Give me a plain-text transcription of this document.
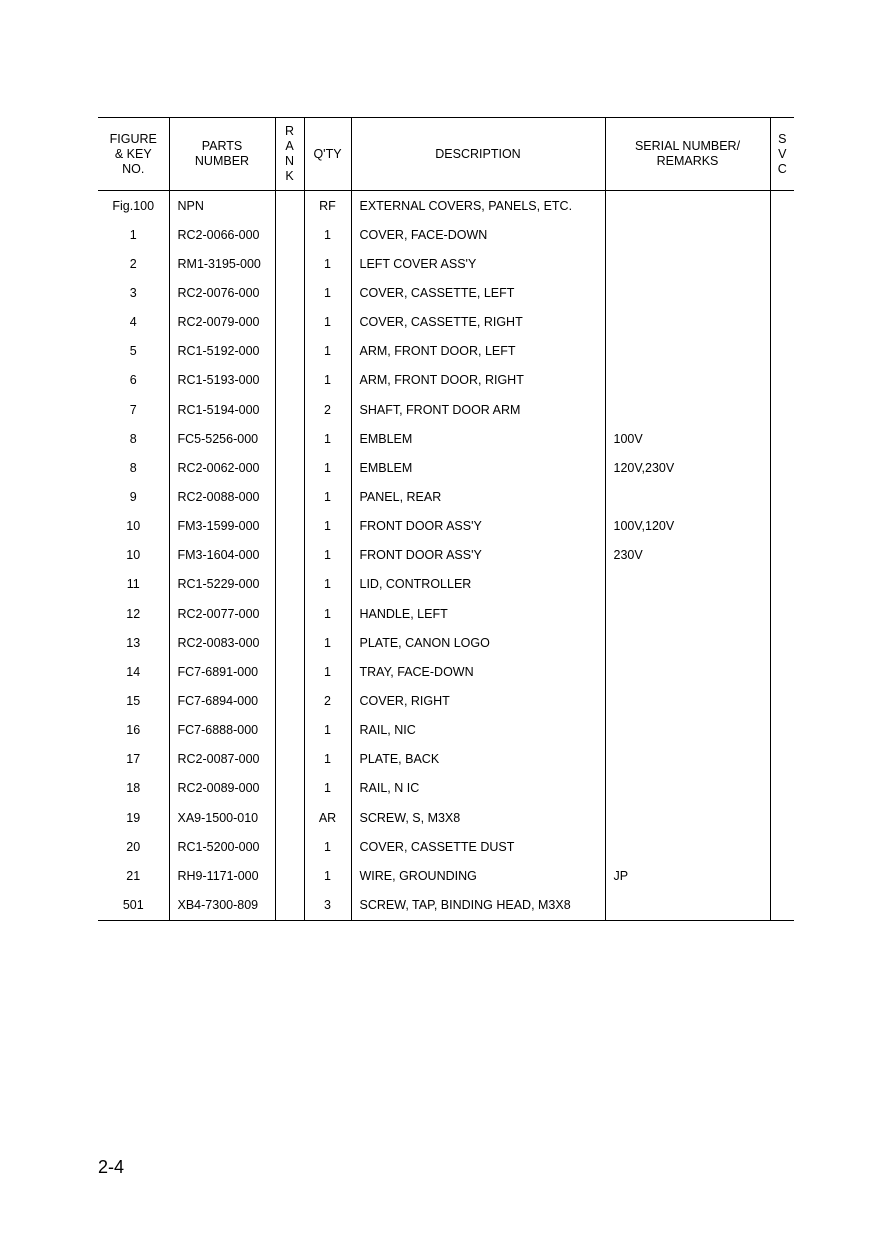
FIGURE
& KEY
NO.	PARTS
NUMBER	R
A
N
K	Q'TY	DESCRIPTION	SERIAL NUMBER/
REMARKS	S
V
C

Fig.100	NPN		RF	EXTERNAL COVERS, PANELS, ETC.		
1	RC2-0066-000		1	COVER, FACE-DOWN		
2	RM1-3195-000		1	LEFT COVER ASS'Y		
3	RC2-0076-000		1	COVER, CASSETTE, LEFT		
4	RC2-0079-000		1	COVER, CASSETTE, RIGHT		
5	RC1-5192-000		1	ARM, FRONT DOOR, LEFT		
6	RC1-5193-000		1	ARM, FRONT DOOR, RIGHT		
7	RC1-5194-000		2	SHAFT, FRONT DOOR ARM		
8	FC5-5256-000		1	EMBLEM	100V	
8	RC2-0062-000		1	EMBLEM	120V,230V	
9	RC2-0088-000		1	PANEL, REAR		
10	FM3-1599-000		1	FRONT DOOR ASS'Y	100V,120V	
10	FM3-1604-000		1	FRONT DOOR ASS'Y	230V	
11	RC1-5229-000		1	LID, CONTROLLER		
12	RC2-0077-000		1	HANDLE, LEFT		
13	RC2-0083-000		1	PLATE, CANON LOGO		
14	FC7-6891-000		1	TRAY, FACE-DOWN		
15	FC7-6894-000		2	COVER, RIGHT		
16	FC7-6888-000		1	RAIL, NIC		
17	RC2-0087-000		1	PLATE, BACK		
18	RC2-0089-000		1	RAIL, N IC		
19	XA9-1500-010		AR	SCREW, S, M3X8		
20	RC1-5200-000		1	COVER, CASSETTE DUST		
21	RH9-1171-000		1	WIRE, GROUNDING	JP	
501	XB4-7300-809		3	SCREW, TAP, BINDING HEAD, M3X8		
2-4
